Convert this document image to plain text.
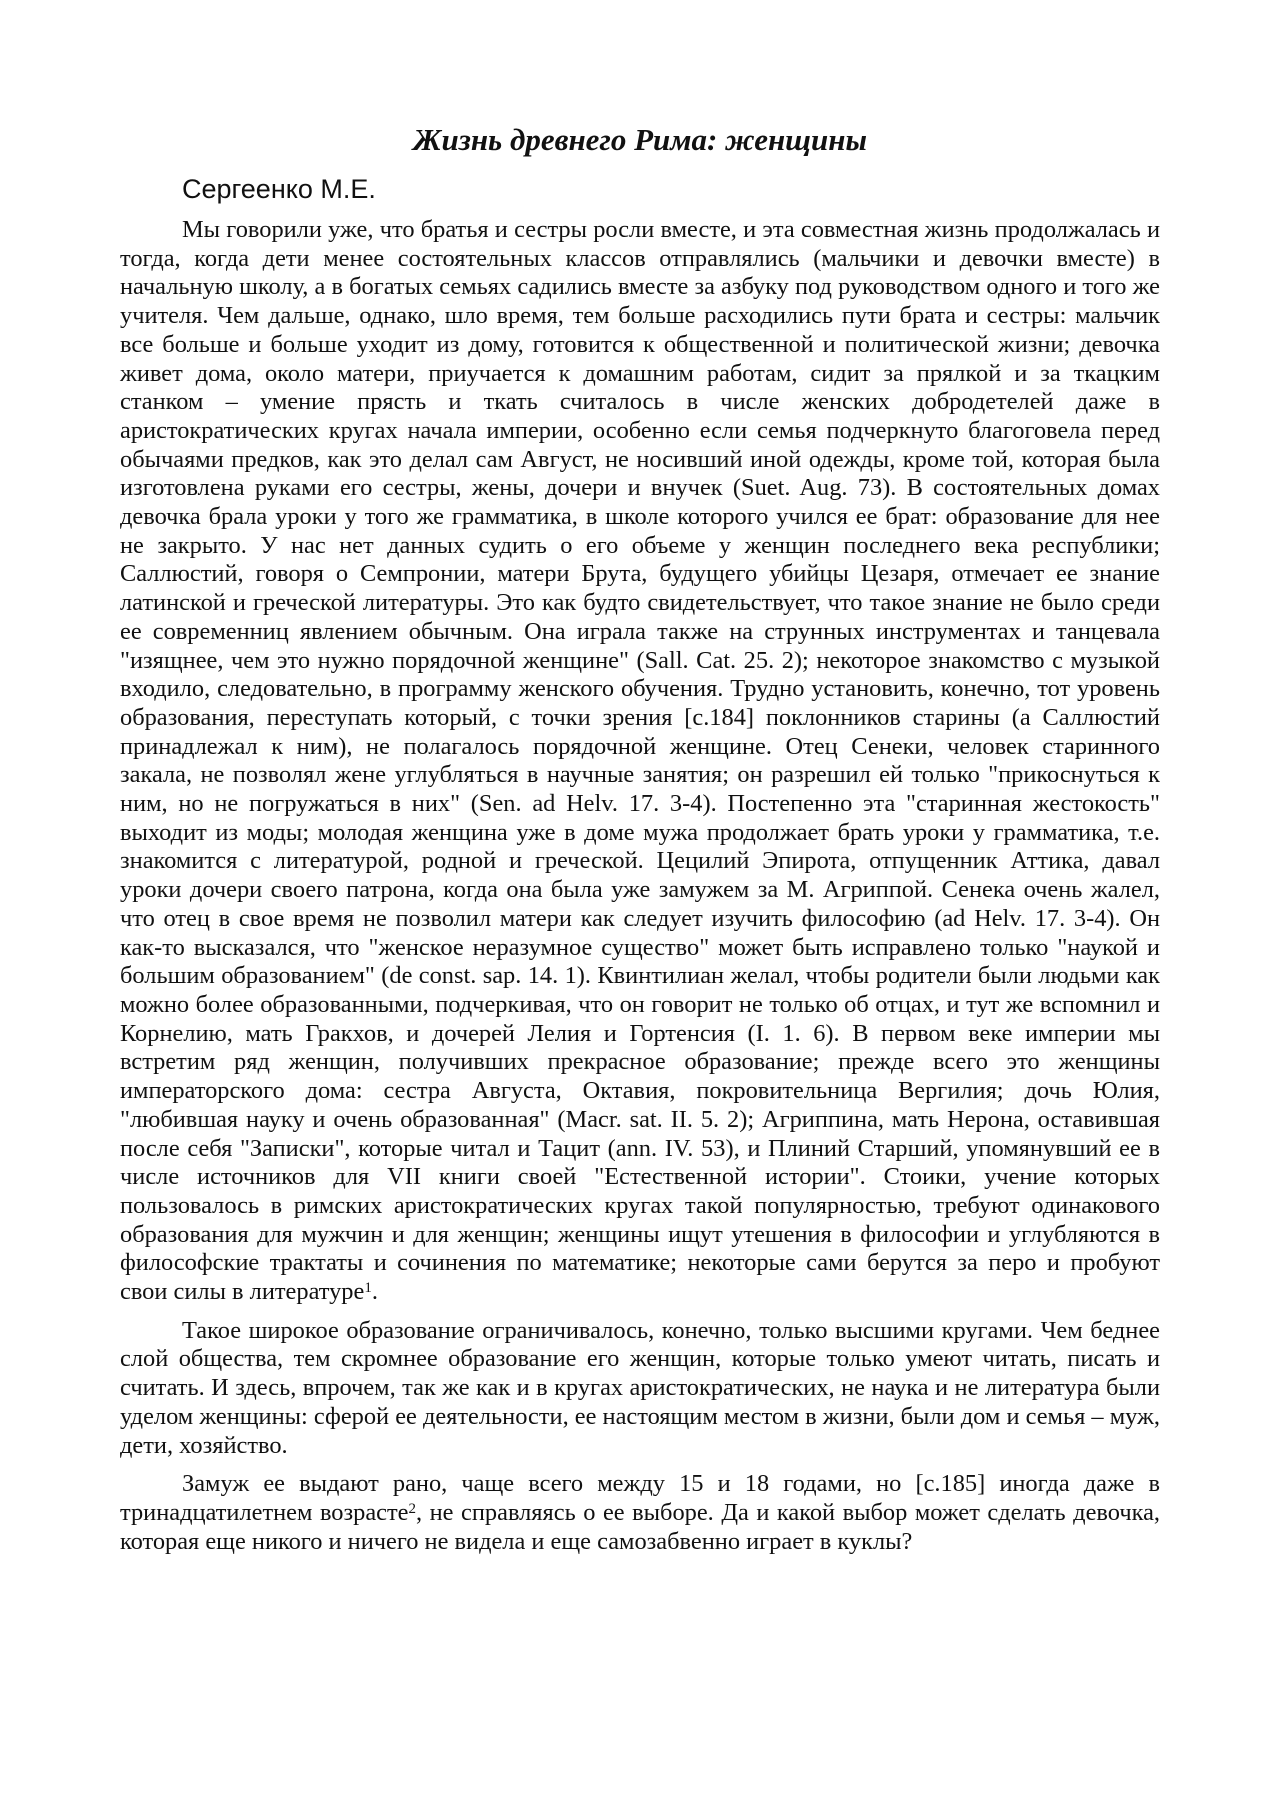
Жизнь древнего Рима: женщины
Сергеенко М.Е.

Мы говорили уже, что братья и сестры росли вместе, и эта совместная жизнь продолжалась и тогда, когда дети менее состоятельных классов отправлялись (мальчики и девочки вместе) в начальную школу, а в богатых семьях садились вместе за азбуку под руководством одного и того же учителя. Чем дальше, однако, шло время, тем больше расходились пути брата и сестры: мальчик все больше и больше уходит из дому, готовится к общественной и политической жизни; девочка живет дома, около матери, приучается к домашним работам, сидит за прялкой и за ткацким станком – умение прясть и ткать считалось в числе женских добродетелей даже в аристократических кругах начала империи, особенно если семья подчеркнуто благоговела перед обычаями предков, как это делал сам Август, не носивший иной одежды, кроме той, которая была изготовлена руками его сестры, жены, дочери и внучек (Suet. Aug. 73). В состоятельных домах девочка брала уроки у того же грамматика, в школе которого учился ее брат: образование для нее не закрыто. У нас нет данных судить о его объеме у женщин последнего века республики; Саллюстий, говоря о Семпронии, матери Брута, будущего убийцы Цезаря, отмечает ее знание латинской и греческой литературы. Это как будто свидетельствует, что такое знание не было среди ее современниц явлением обычным. Она играла также на струнных инструментах и танцевала "изящнее, чем это нужно порядочной женщине" (Sall. Cat. 25. 2); некоторое знакомство с музыкой входило, следовательно, в программу женского обучения. Трудно установить, конечно, тот уровень образования, переступать который, с точки зрения [с.184] поклонников старины (а Саллюстий принадлежал к ним), не полагалось порядочной женщине. Отец Сенеки, человек старинного закала, не позволял жене углубляться в научные занятия; он разрешил ей только "прикоснуться к ним, но не погружаться в них" (Sen. ad Helv. 17. 3-4). Постепенно эта "старинная жестокость" выходит из моды; молодая женщина уже в доме мужа продолжает брать уроки у грамматика, т.е. знакомится с литературой, родной и греческой. Цецилий Эпирота, отпущенник Аттика, давал уроки дочери своего патрона, когда она была уже замужем за М. Агриппой. Сенека очень жалел, что отец в свое время не позволил матери как следует изучить философию (ad Helv. 17. 3-4). Он как-то высказался, что "женское неразумное существо" может быть исправлено только "наукой и большим образованием" (de const. sap. 14. 1). Квинтилиан желал, чтобы родители были людьми как можно более образованными, подчеркивая, что он говорит не только об отцах, и тут же вспомнил и Корнелию, мать Гракхов, и дочерей Лелия и Гортенсия (I. 1. 6). В первом веке империи мы встретим ряд женщин, получивших прекрасное образование; прежде всего это женщины императорского дома: сестра Августа, Октавия, покровительница Вергилия; дочь Юлия, "любившая науку и очень образованная" (Macr. sat. II. 5. 2); Агриппина, мать Нерона, оставившая после себя "Записки", которые читал и Тацит (ann. IV. 53), и Плиний Старший, упомянувший ее в числе источников для VII книги своей "Естественной истории". Стоики, учение которых пользовалось в римских аристократических кругах такой популярностью, требуют одинакового образования для мужчин и для женщин; женщины ищут утешения в философии и углубляются в философские трактаты и сочинения по математике; некоторые сами берутся за перо и пробуют свои силы в литературе$^1$.

Такое широкое образование ограничивалось, конечно, только высшими кругами. Чем беднее слой общества, тем скромнее образование его женщин, которые только умеют читать, писать и считать. И здесь, впрочем, так же как и в кругах аристократических, не наука и не литература были уделом женщины: сферой ее деятельности, ее настоящим местом в жизни, были дом и семья – муж, дети, хозяйство.

Замуж ее выдают рано, чаще всего между 15 и 18 годами, но [с.185] иногда даже в тринадцатилетнем возрасте$^2$, не справляясь о ее выборе. Да и какой выбор может сделать девочка, которая еще никого и ничего не видела и еще самозабвенно играет в куклы?
